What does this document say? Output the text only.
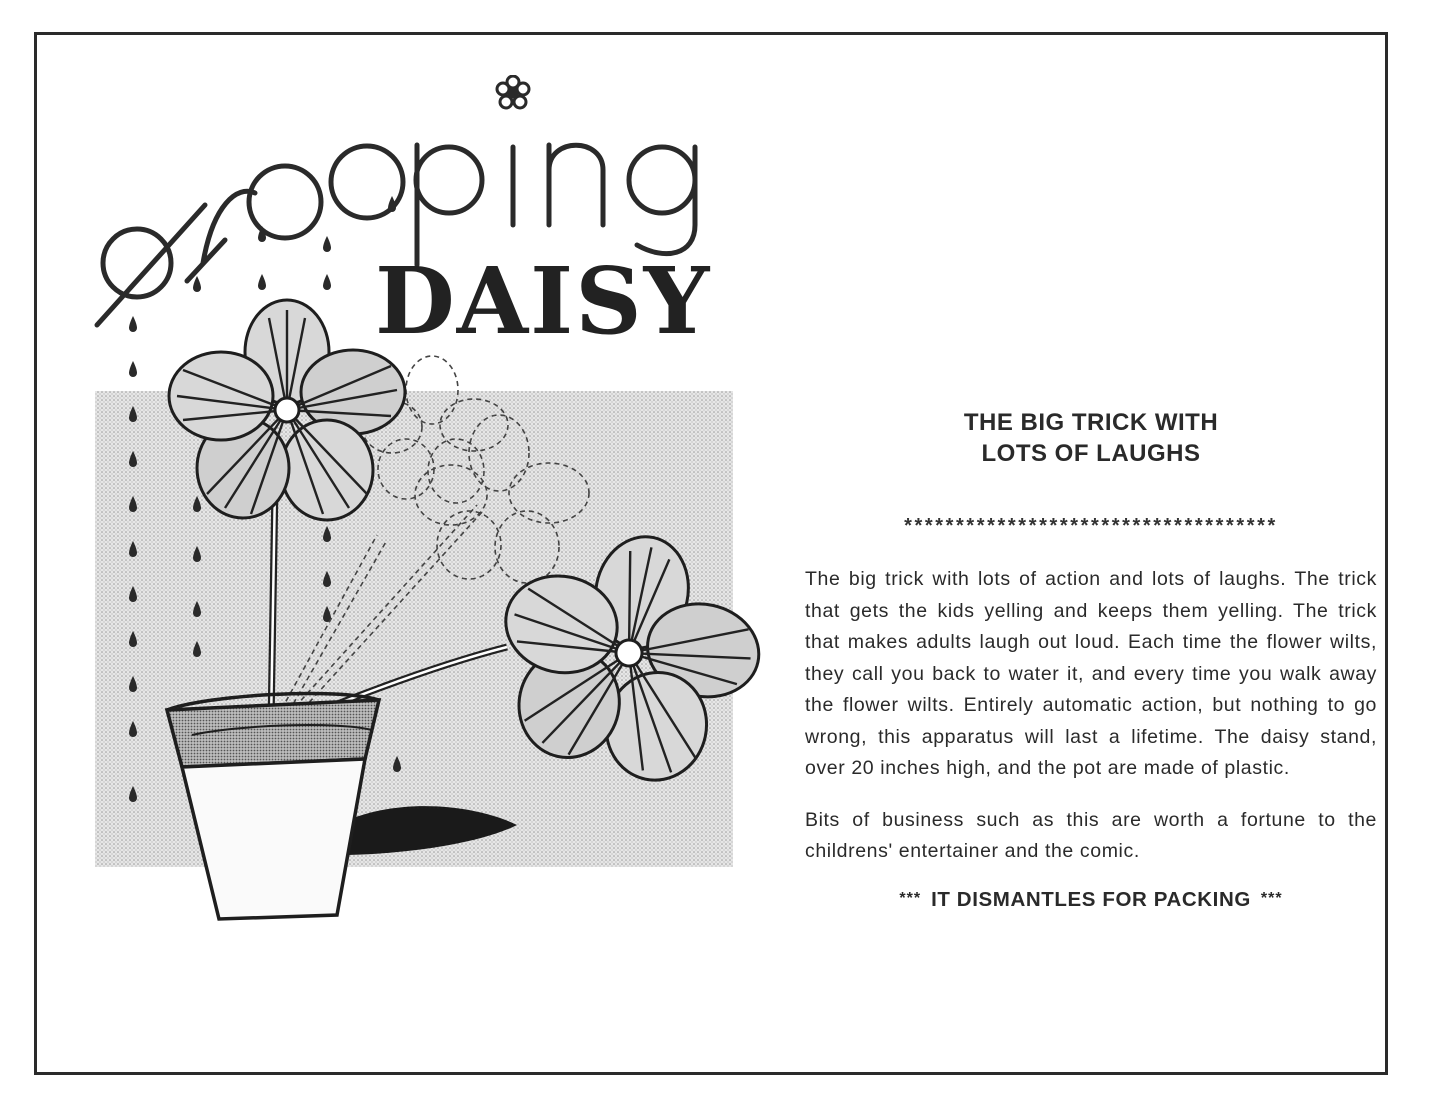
DAISY
THE BIG TRICK WITH
LOTS OF LAUGHS
************************************

The big trick with lots of action and lots of laughs. The trick that gets the kids yelling and keeps them yelling. The trick that makes adults laugh out loud. Each time the flower wilts, they call you back to water it, and every time you walk away the flower wilts. Entirely automatic action, but nothing to go wrong, this apparatus will last a lifetime. The daisy stand, over 20 inches high, and the pot are made of plastic.

Bits of business such as this are worth a fortune to the childrens' entertainer and the comic.

*** IT DISMANTLES FOR PACKING ***
drooping
